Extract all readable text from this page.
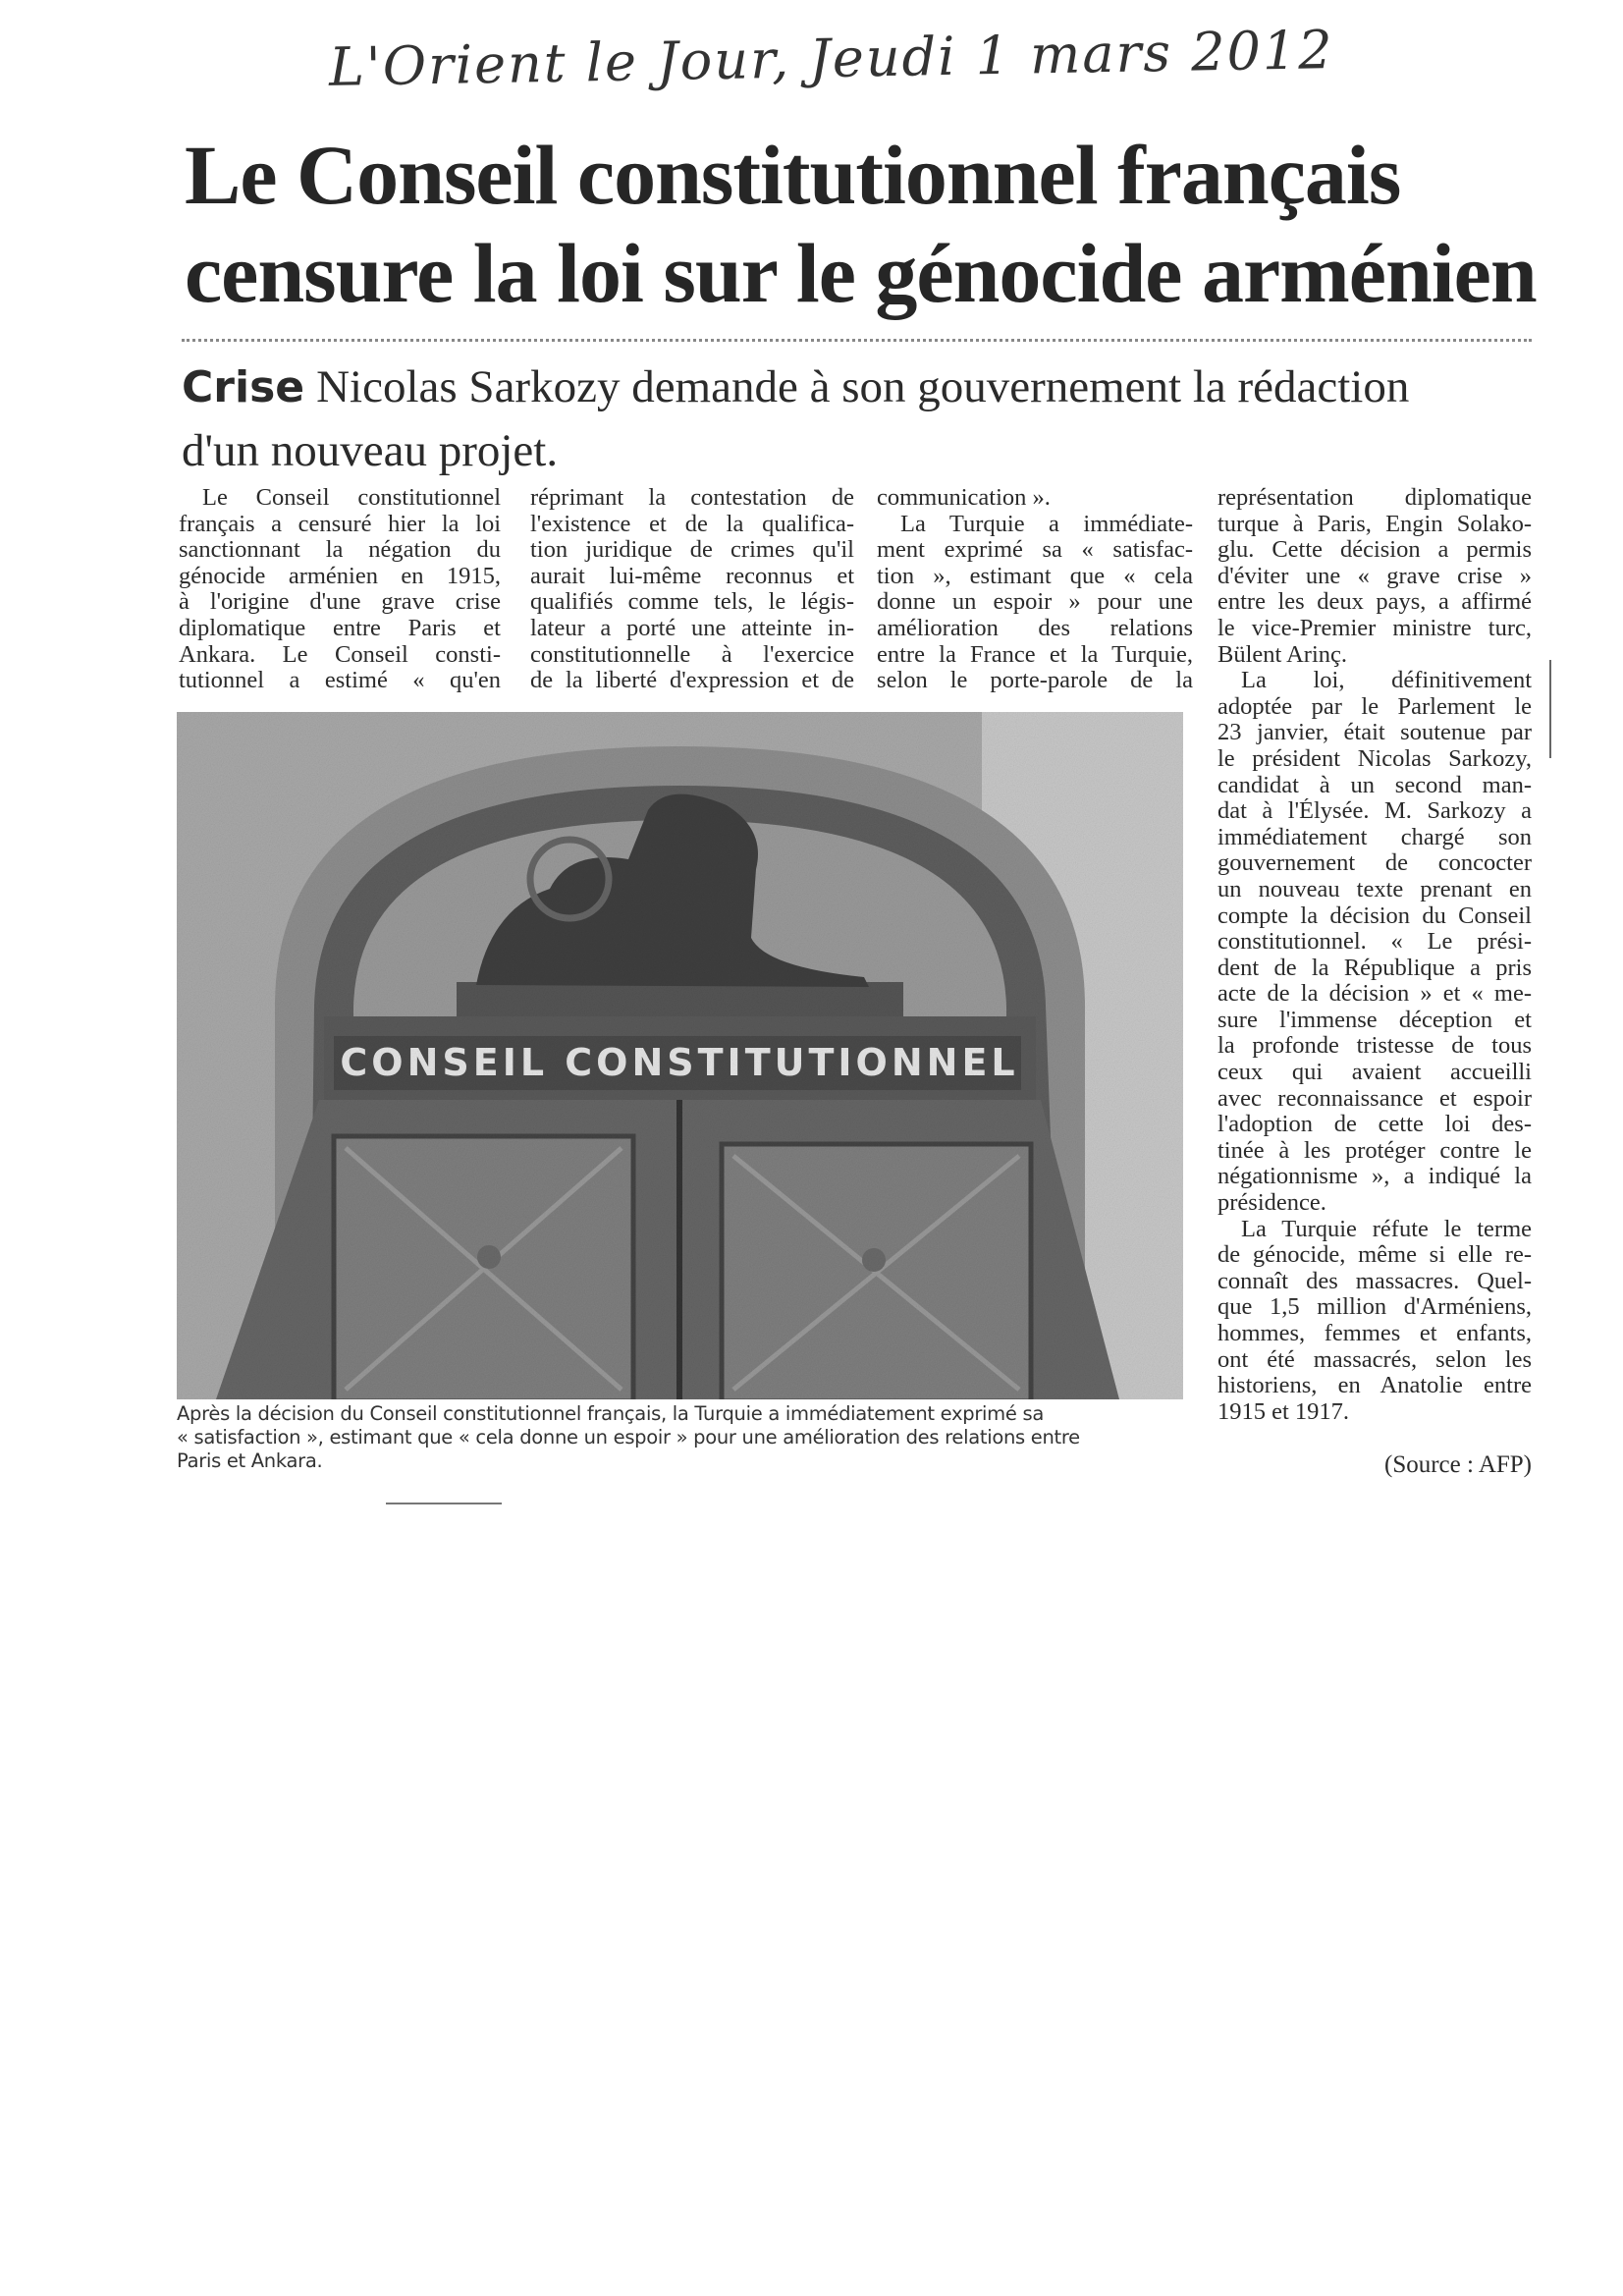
L'Orient le Jour, Jeudi 1 mars 2012
Le Conseil constitutionnel français
censure la loi sur le génocide arménien
Crise Nicolas Sarkozy demande à son gouvernement la rédaction
d'un nouveau projet.
Le Conseil constitutionnel
français a censuré hier la loi
sanctionnant la négation du
génocide arménien en 1915,
à l'origine d'une grave crise
diplomatique entre Paris et
Ankara. Le Conseil consti-
tutionnel a estimé « qu'en
réprimant la contestation de
l'existence et de la qualifica-
tion juridique de crimes qu'il
aurait lui-même reconnus et
qualifiés comme tels, le légis-
lateur a porté une atteinte in-
constitutionnelle à l'exercice
de la liberté d'expression et de
communication ».
La Turquie a immédiate-
ment exprimé sa « satisfac-
tion », estimant que « cela
donne un espoir » pour une
amélioration des relations
entre la France et la Turquie,
selon le porte-parole de la
représentation diplomatique
turque à Paris, Engin Solako-
glu. Cette décision a permis
d'éviter une « grave crise »
entre les deux pays, a affirmé
le vice-Premier ministre turc,
Bülent Arinç.
La loi, définitivement
adoptée par le Parlement le
23 janvier, était soutenue par
le président Nicolas Sarkozy,
candidat à un second man-
dat à l'Élysée. M. Sarkozy a
immédiatement chargé son
gouvernement de concocter
un nouveau texte prenant en
compte la décision du Conseil
constitutionnel. « Le prési-
dent de la République a pris
acte de la décision » et « me-
sure l'immense déception et
la profonde tristesse de tous
ceux qui avaient accueilli
avec reconnaissance et espoir
l'adoption de cette loi des-
tinée à les protéger contre le
négationnisme », a indiqué la
présidence.
La Turquie réfute le terme
de génocide, même si elle re-
connaît des massacres. Quel-
que 1,5 million d'Arméniens,
hommes, femmes et enfants,
ont été massacrés, selon les
historiens, en Anatolie entre
1915 et 1917.
(Source : AFP)
CONSEIL CONSTITUTIONNEL
Après la décision du Conseil constitutionnel français, la Turquie a immédiatement exprimé sa
« satisfaction », estimant que « cela donne un espoir » pour une amélioration des relations entre
Paris et Ankara.
